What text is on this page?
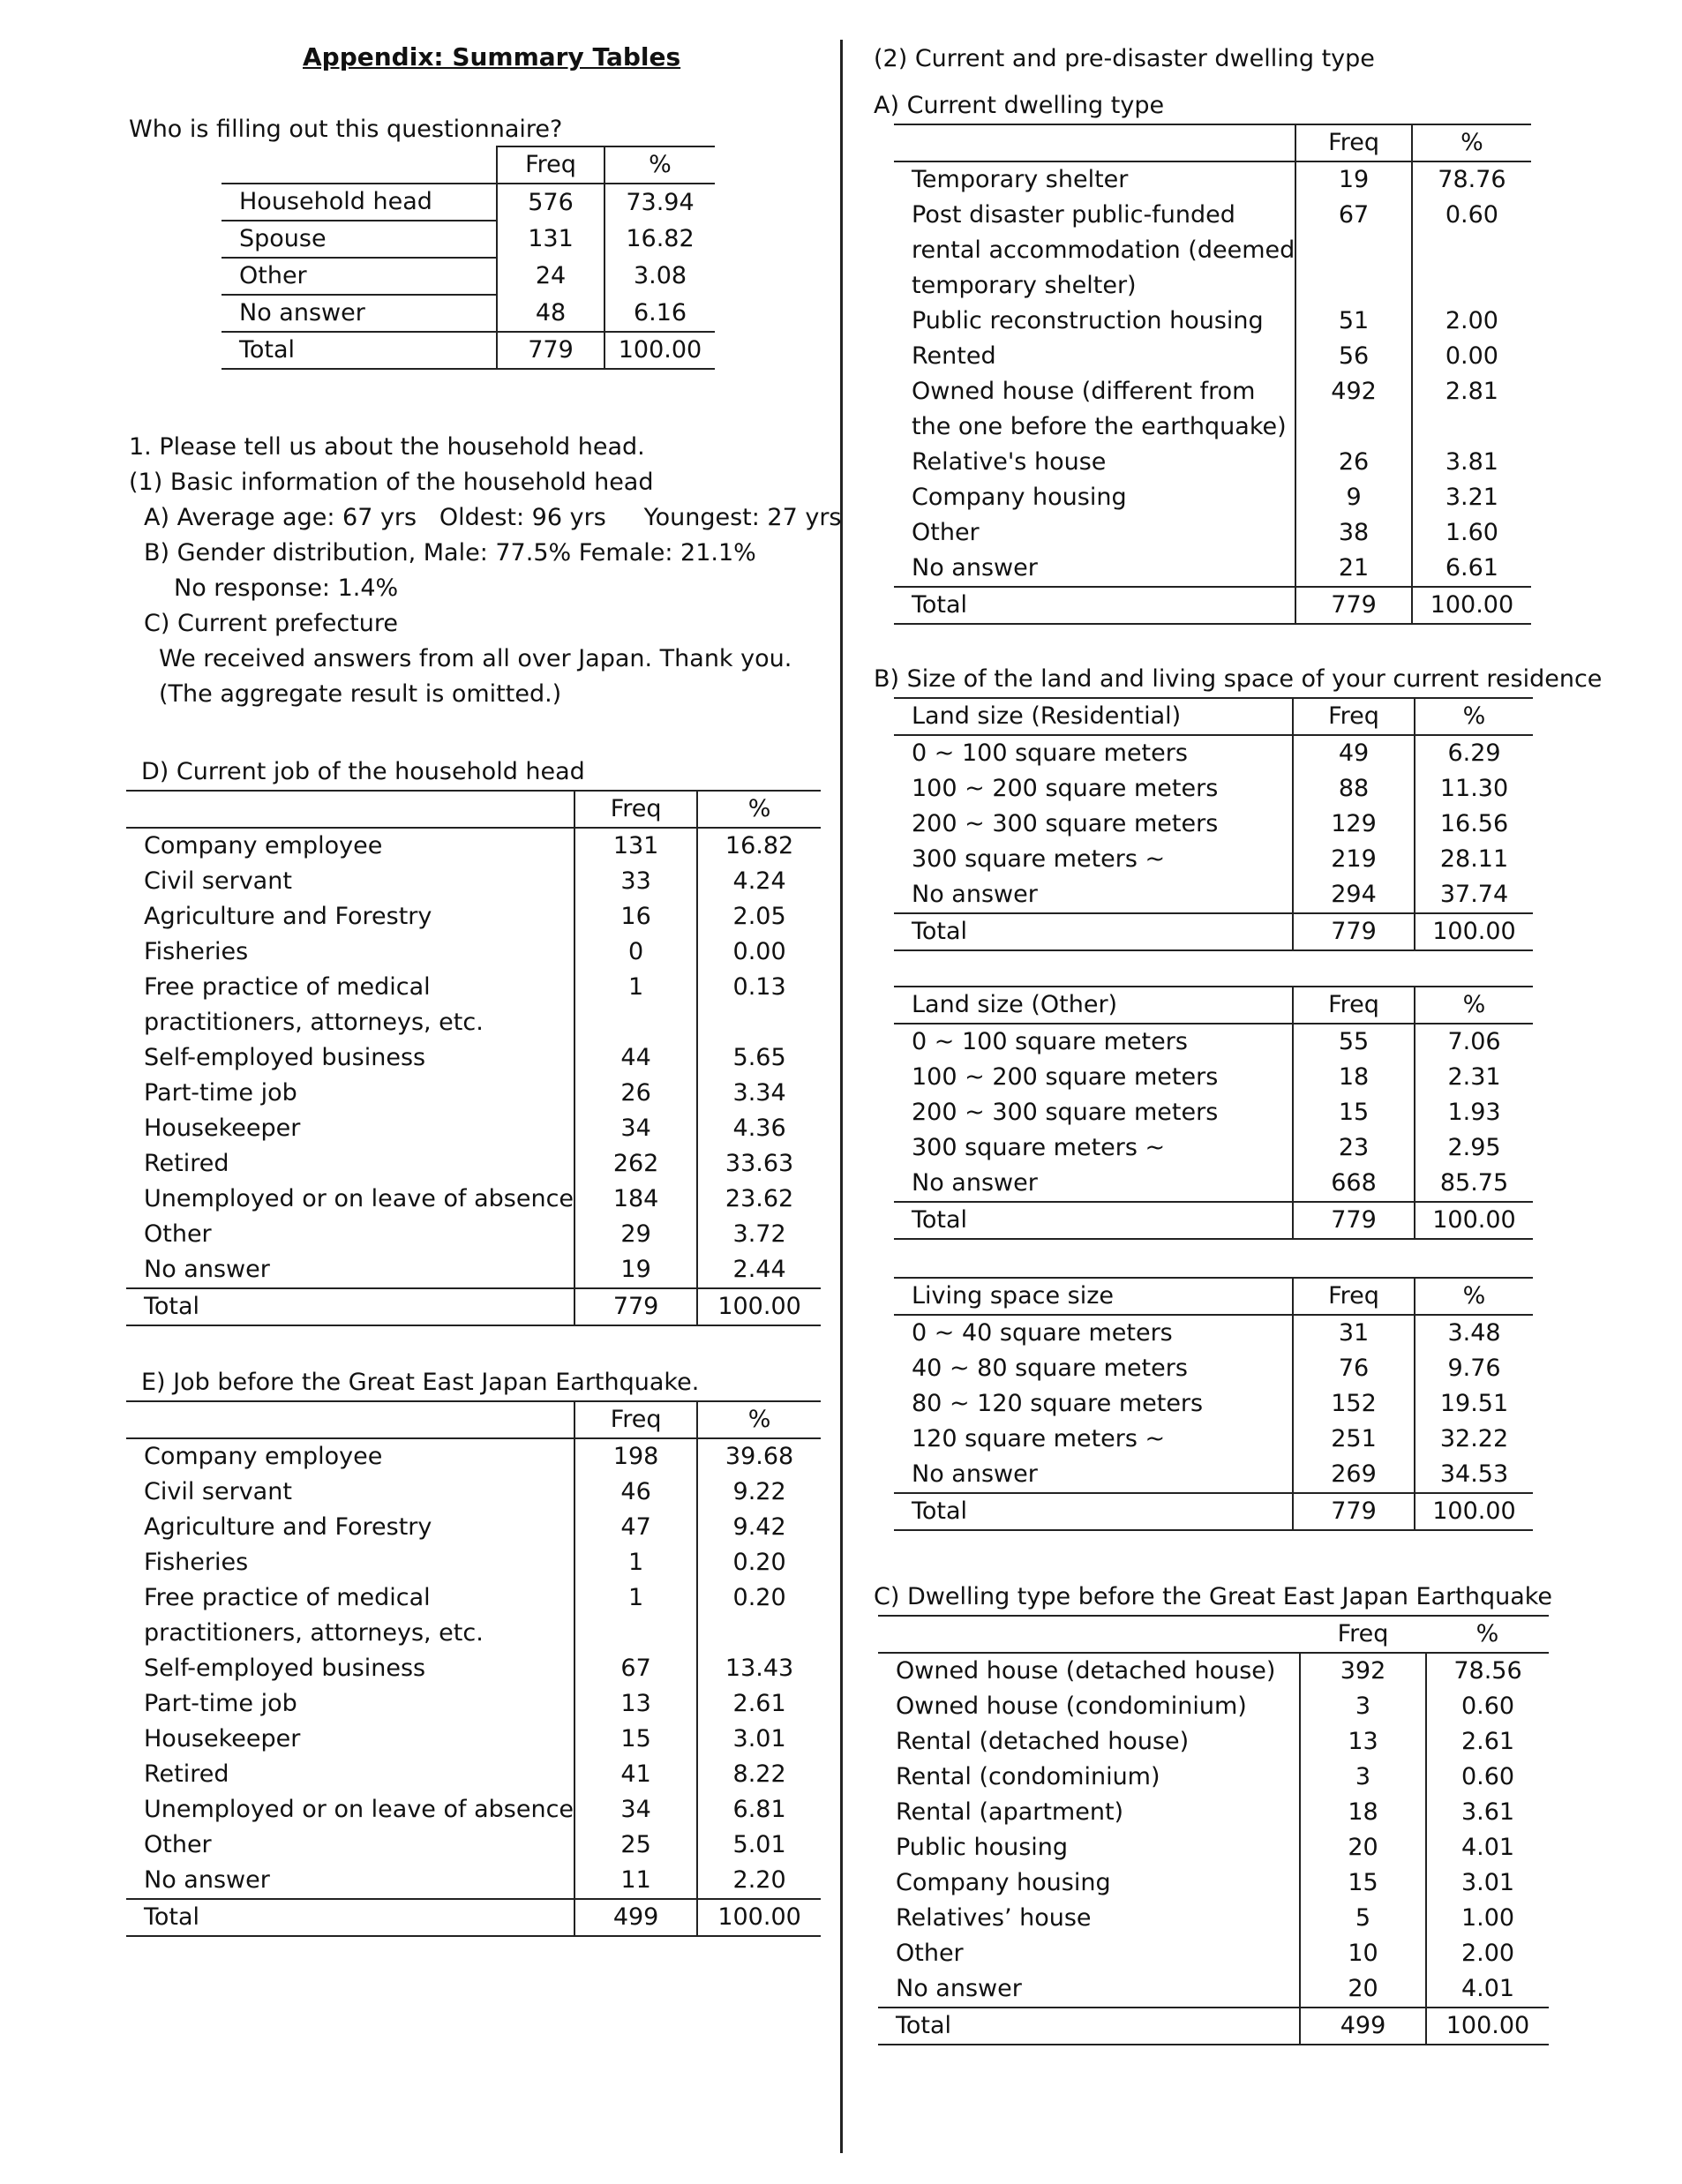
Appendix: Summary Tables
Who is filling out this questionnaire?
	Freq	%
Household head	576	73.94
Spouse	131	16.82
Other	24	3.08
No answer	48	6.16
Total	779	100.00
1. Please tell us about the household head.
(1) Basic information of the household head
A) Average age: 67 yrs   Oldest: 96 yrs     Youngest: 27 yrs
B) Gender distribution, Male: 77.5% Female: 21.1%
No response: 1.4%
C) Current prefecture
We received answers from all over Japan. Thank you.
(The aggregate result is omitted.)
D) Current job of the household head
	Freq	%
Company employee	131	16.82
Civil servant	33	4.24
Agriculture and Forestry	16	2.05
Fisheries	0	0.00
Free practice of medical	1	0.13
practitioners, attorneys, etc.		
Self-employed business	44	5.65
Part-time job	26	3.34
Housekeeper	34	4.36
Retired	262	33.63
Unemployed or on leave of absence	184	23.62
Other	29	3.72
No answer	19	2.44
Total	779	100.00
E) Job before the Great East Japan Earthquake.
	Freq	%
Company employee	198	39.68
Civil servant	46	9.22
Agriculture and Forestry	47	9.42
Fisheries	1	0.20
Free practice of medical	1	0.20
practitioners, attorneys, etc.		
Self-employed business	67	13.43
Part-time job	13	2.61
Housekeeper	15	3.01
Retired	41	8.22
Unemployed or on leave of absence	34	6.81
Other	25	5.01
No answer	11	2.20
Total	499	100.00
(2) Current and pre-disaster dwelling type
A) Current dwelling type
	Freq	%
Temporary shelter	19	78.76
Post disaster public-funded	67	0.60
rental accommodation (deemed		
temporary shelter)		
Public reconstruction housing	51	2.00
Rented	56	0.00
Owned house (different from	492	2.81
the one before the earthquake)		
Relative's house	26	3.81
Company housing	9	3.21
Other	38	1.60
No answer	21	6.61
Total	779	100.00
B) Size of the land and living space of your current residence
Land size (Residential)	Freq	%
0 ~ 100 square meters	49	6.29
100 ~ 200 square meters	88	11.30
200 ~ 300 square meters	129	16.56
300 square meters ~	219	28.11
No answer	294	37.74
Total	779	100.00
Land size (Other)	Freq	%
0 ~ 100 square meters	55	7.06
100 ~ 200 square meters	18	2.31
200 ~ 300 square meters	15	1.93
300 square meters ~	23	2.95
No answer	668	85.75
Total	779	100.00
Living space size	Freq	%
0 ~ 40 square meters	31	3.48
40 ~ 80 square meters	76	9.76
80 ~ 120 square meters	152	19.51
120 square meters ~	251	32.22
No answer	269	34.53
Total	779	100.00
C) Dwelling type before the Great East Japan Earthquake
	Freq	%
Owned house (detached house)	392	78.56
Owned house (condominium)	3	0.60
Rental (detached house)	13	2.61
Rental (condominium)	3	0.60
Rental (apartment)	18	3.61
Public housing	20	4.01
Company housing	15	3.01
Relatives’ house	5	1.00
Other	10	2.00
No answer	20	4.01
Total	499	100.00
